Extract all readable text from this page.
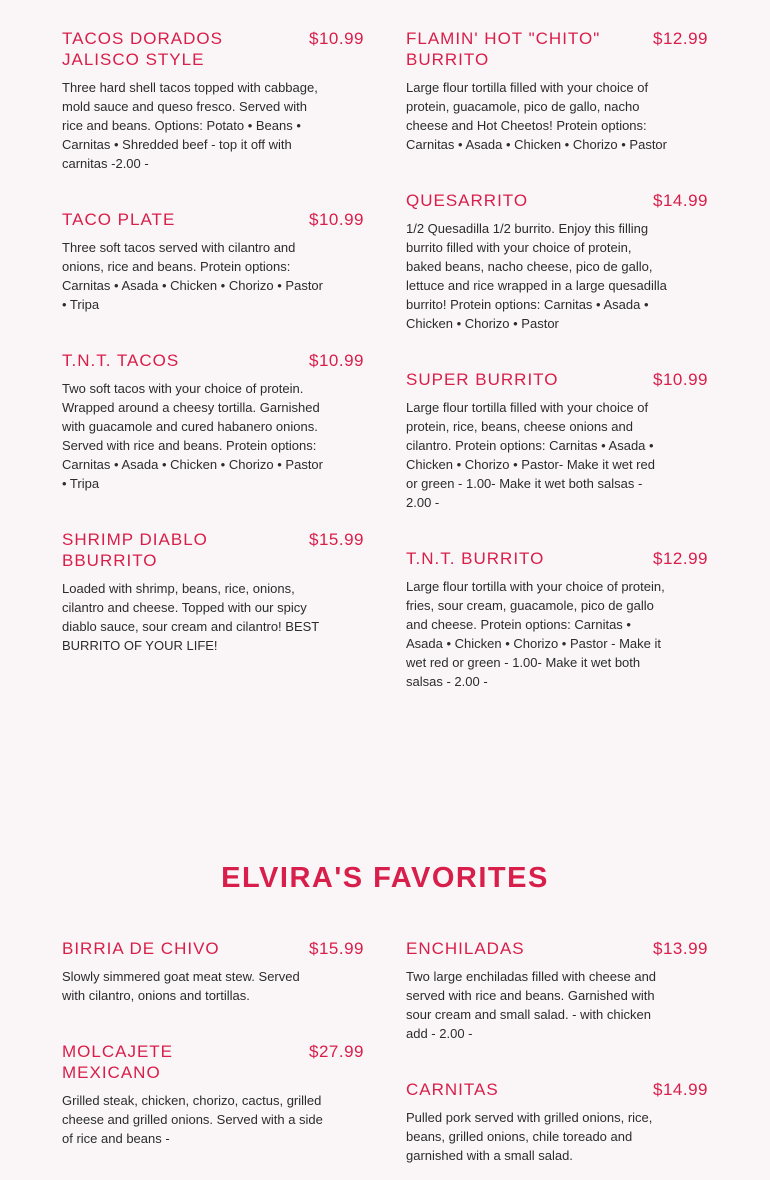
TACOS DORADOS JALISCO STYLE
$10.99
Three hard shell tacos topped with cabbage, mold sauce and queso fresco. Served with rice and beans. Options: Potato • Beans • Carnitas • Shredded beef - top it off with carnitas -2.00 -
TACO PLATE	$10.99
Three soft tacos served with cilantro and onions, rice and beans. Protein options: Carnitas • Asada • Chicken • Chorizo • Pastor • Tripa
T.N.T. TACOS	$10.99
Two soft tacos with your choice of protein. Wrapped around a cheesy tortilla. Garnished with guacamole and cured habanero onions. Served with rice and beans. Protein options: Carnitas • Asada • Chicken • Chorizo • Pastor • Tripa
SHRIMP DIABLO BBURRITO
$15.99
Loaded with shrimp, beans, rice, onions, cilantro and cheese. Topped with our spicy diablo sauce, sour cream and cilantro! BEST BURRITO OF YOUR LIFE!
FLAMIN' HOT "CHITO" BURRITO
$12.99
Large flour tortilla filled with your choice of protein, guacamole, pico de gallo, nacho cheese and Hot Cheetos! Protein options: Carnitas • Asada • Chicken • Chorizo • Pastor
QUESARRITO	$14.99
1/2 Quesadilla 1/2 burrito. Enjoy this filling burrito filled with your choice of protein, baked beans, nacho cheese, pico de gallo, lettuce and rice wrapped in a large quesadilla burrito! Protein options: Carnitas • Asada • Chicken • Chorizo • Pastor
SUPER BURRITO	$10.99
Large flour tortilla filled with your choice of protein, rice, beans, cheese onions and cilantro. Protein options: Carnitas • Asada • Chicken • Chorizo • Pastor- Make it wet red or green - 1.00- Make it wet both salsas - 2.00 -
T.N.T. BURRITO	$12.99
Large flour tortilla with your choice of protein, fries, sour cream, guacamole, pico de gallo and cheese. Protein options: Carnitas • Asada • Chicken • Chorizo • Pastor - Make it wet red or green - 1.00- Make it wet both salsas - 2.00 -
ELVIRA'S FAVORITES
BIRRIA DE CHIVO	$15.99
Slowly simmered goat meat stew. Served with cilantro, onions and tortillas.
MOLCAJETE MEXICANO
$27.99
Grilled steak, chicken, chorizo, cactus, grilled cheese and grilled onions. Served with a side of rice and beans -
ENCHILADAS	$13.99
Two large enchiladas filled with cheese and served with rice and beans. Garnished with sour cream and small salad. - with chicken add - 2.00 -
CARNITAS	$14.99
Pulled pork served with grilled onions, rice, beans, grilled onions, chile toreado and garnished with a small salad.
